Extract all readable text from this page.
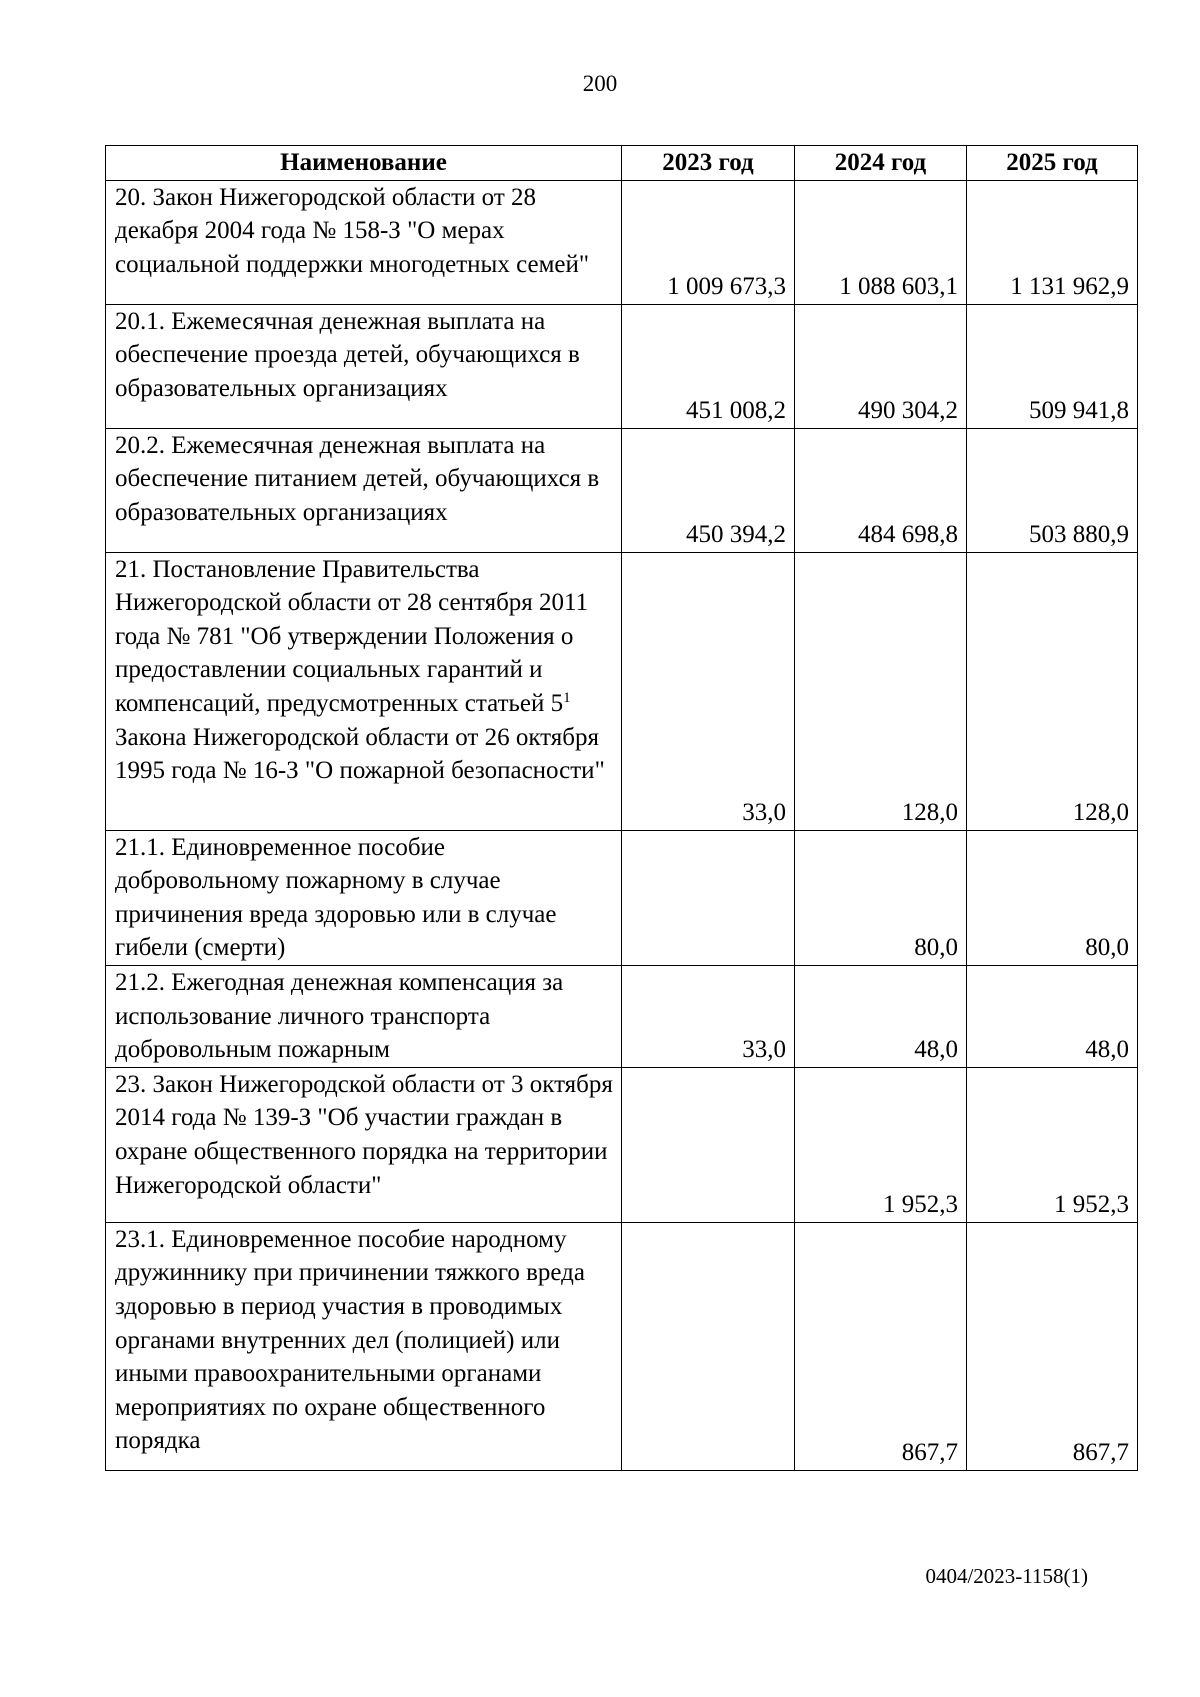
200
Наименование	2023 год	2024 год	2025 год
20. Закон Нижегородской области от 28 декабря 2004 года № 158-З "О мерах социальной поддержки многодетных семей"	1 009 673,3	1 088 603,1	1 131 962,9
20.1. Ежемесячная денежная выплата на обеспечение проезда детей, обучающихся в образовательных организациях	451 008,2	490 304,2	509 941,8
20.2. Ежемесячная денежная выплата на обеспечение питанием детей, обучающихся в образовательных организациях	450 394,2	484 698,8	503 880,9
21. Постановление Правительства Нижегородской области от 28 сентября 2011 года № 781 "Об утверждении Положения о предоставлении социальных гарантий и компенсаций, предусмотренных статьей $5^1$ Закона Нижегородской области от 26 октября 1995 года № 16-З "О пожарной безопасности"	33,0	128,0	128,0
21.1. Единовременное пособие добровольному пожарному в случае причинения вреда здоровью или в случае гибели (смерти)		80,0	80,0
21.2. Ежегодная денежная компенсация за использование личного транспорта добровольным пожарным	33,0	48,0	48,0
23. Закон Нижегородской области от 3 октября 2014 года № 139-З "Об участии граждан в охране общественного порядка на территории Нижегородской области"		1 952,3	1 952,3
23.1. Единовременное пособие народному дружиннику при причинении тяжкого вреда здоровью в период участия в проводимых органами внутренних дел (полицией) или иными правоохранительными органами мероприятиях по охране общественного порядка		867,7	867,7
0404/2023-1158(1)
